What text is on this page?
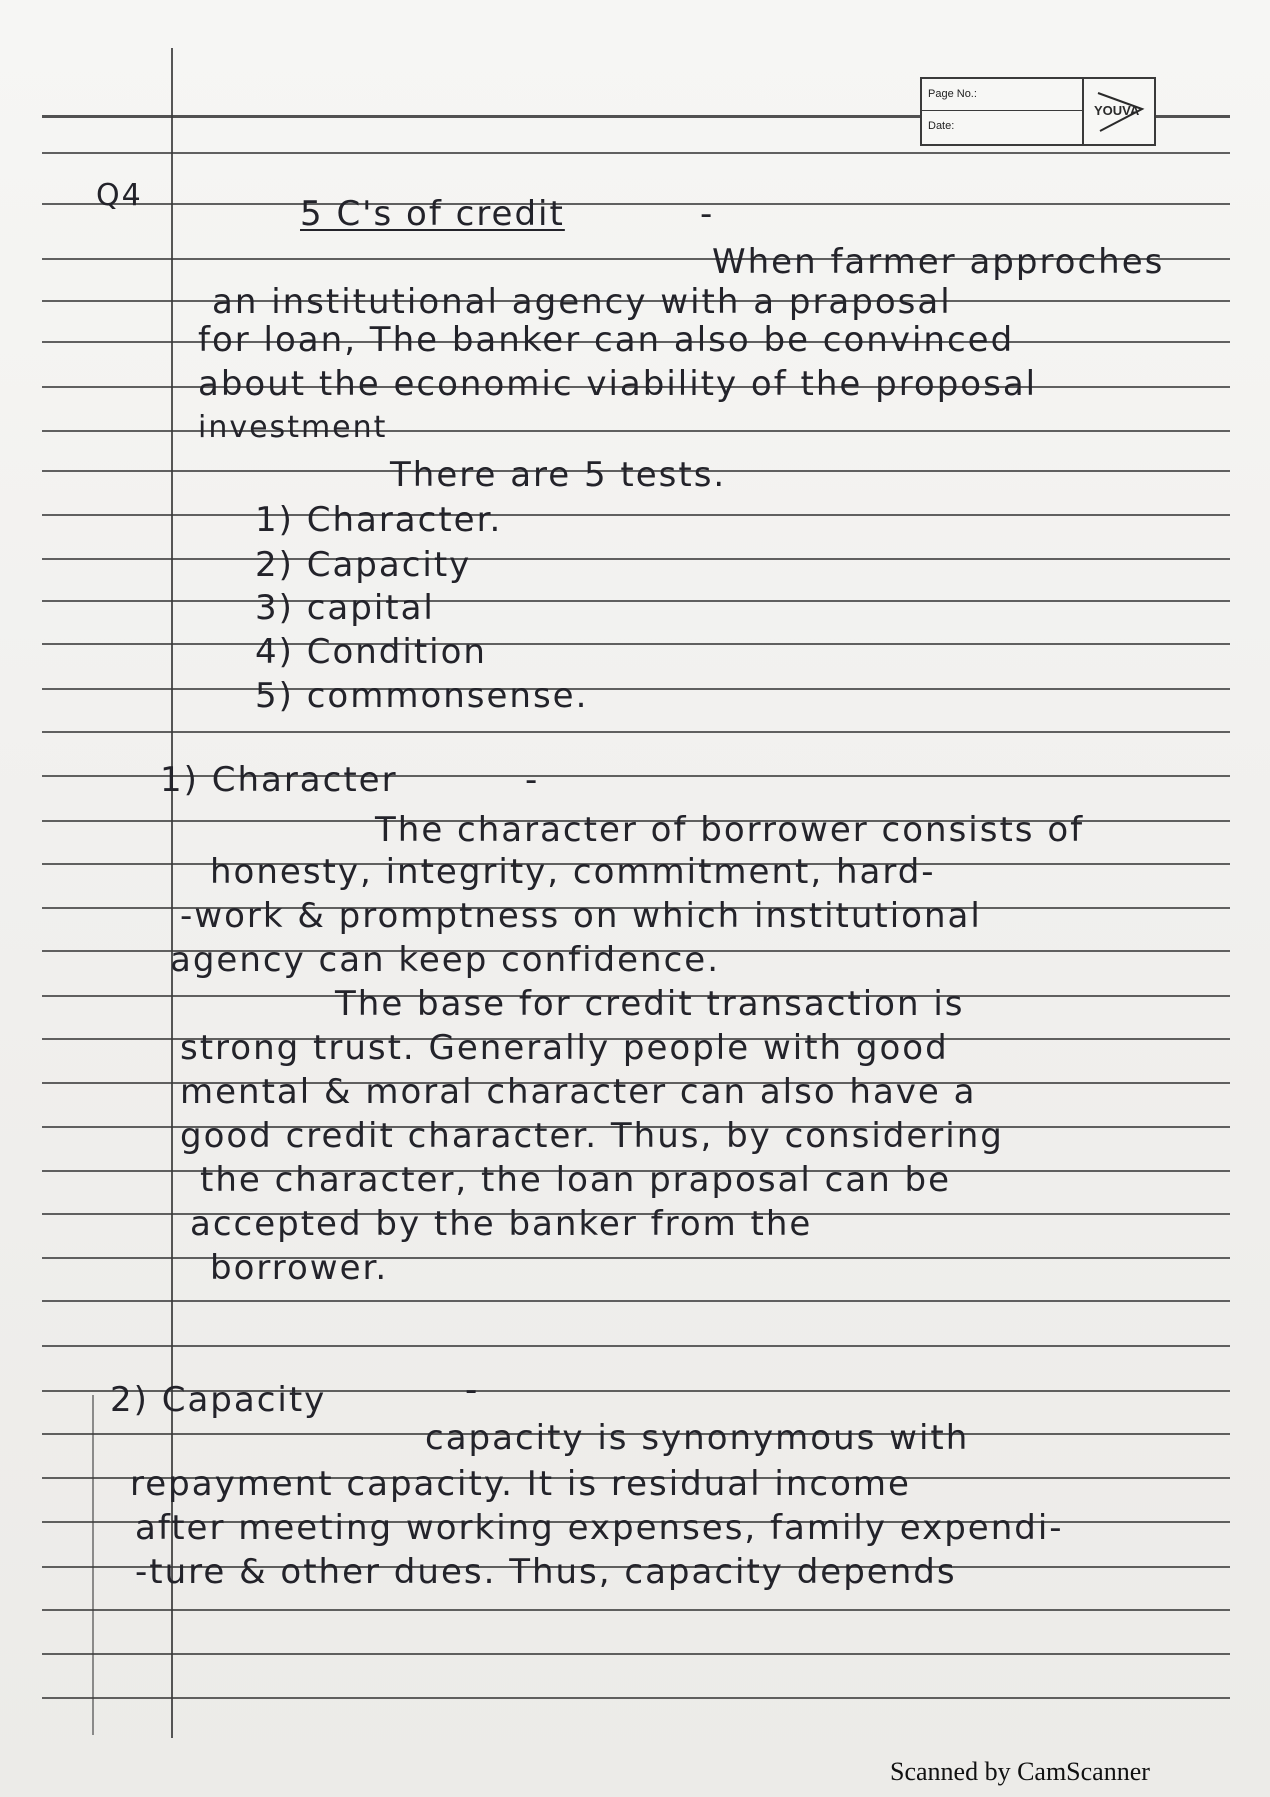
Page No.:
Date:
YOUVA
Q4	5 C's of credit	-
When farmer approches
an institutional agency with a praposal
for loan, The banker can also be convinced
about the economic viability of the proposal
investment
There are 5 tests.
1) Character.
2) Capacity
3) capital
4) Condition
5) commonsense.
1) Character	-
The character of borrower consists of
honesty, integrity, commitment, hard-
-work & promptness on which institutional
agency can keep confidence.
The base for credit transaction is
strong trust. Generally people with good
mental & moral character can also have a
good credit character. Thus, by considering
the character, the loan praposal can be
accepted by the banker from the
borrower.
2) Capacity	-
capacity is synonymous with
repayment capacity. It is residual income
after meeting working expenses, family expendi-
-ture & other dues. Thus, capacity depends
Scanned by CamScanner
